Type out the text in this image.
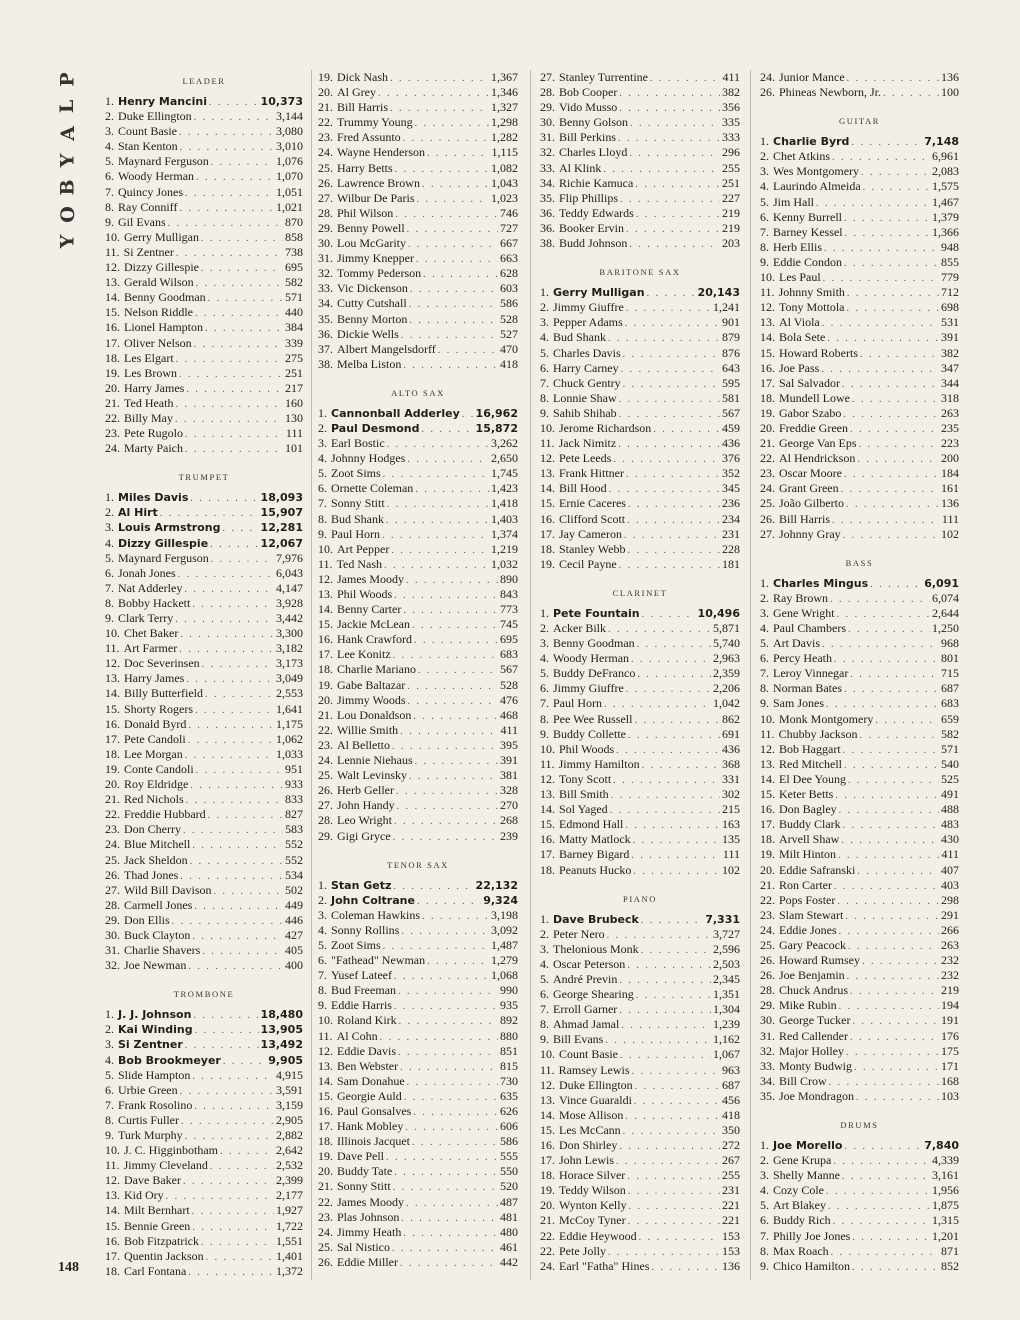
P
L
A
Y
B
O
Y
148
LEADER
1. Henry Mancini . . .	10,373
2. Duke Ellington . . .	3,144
3. Count Basie . . .	3,080
4. Stan Kenton . . .	3,010
5. Maynard Ferguson . . .	1,076
6. Woody Herman . . .	1,070
7. Quincy Jones . . .	1,051
8. Ray Conniff . . .	1,021
9. Gil Evans . . .	870
10. Gerry Mulligan . . .	858
11. Si Zentner . . .	738
12. Dizzy Gillespie . . .	695
13. Gerald Wilson . . .	582
14. Benny Goodman . . .	571
15. Nelson Riddle . . .	440
16. Lionel Hampton . . .	384
17. Oliver Nelson . . .	339
18. Les Elgart . . .	275
19. Les Brown . . .	251
20. Harry James . . .	217
21. Ted Heath . . .	160
22. Billy May . . .	130
23. Pete Rugolo . . .	111
24. Marty Paich . . .	101
TRUMPET
1. Miles Davis . . .	18,093
2. Al Hirt . . .	15,907
3. Louis Armstrong . . .	12,281
4. Dizzy Gillespie . . .	12,067
5. Maynard Ferguson . . .	7,976
6. Jonah Jones . . .	6,043
7. Nat Adderley . . .	4,147
8. Bobby Hackett . . .	3,928
9. Clark Terry . . .	3,442
10. Chet Baker . . .	3,300
11. Art Farmer . . .	3,182
12. Doc Severinsen . . .	3,173
13. Harry James . . .	3,049
14. Billy Butterfield . . .	2,553
15. Shorty Rogers . . .	1,641
16. Donald Byrd . . .	1,175
17. Pete Candoli . . .	1,062
18. Lee Morgan . . .	1,033
19. Conte Candoli . . .	951
20. Roy Eldridge . . .	933
21. Red Nichols . . .	833
22. Freddie Hubbard . . .	827
23. Don Cherry . . .	583
24. Blue Mitchell . . .	552
25. Jack Sheldon . . .	552
26. Thad Jones . . .	534
27. Wild Bill Davison . . .	502
28. Carmell Jones . . .	449
29. Don Ellis . . .	446
30. Buck Clayton . . .	427
31. Charlie Shavers . . .	405
32. Joe Newman . . .	400
TROMBONE
1. J. J. Johnson . . .	18,480
2. Kai Winding . . .	13,905
3. Si Zentner . . .	13,492
4. Bob Brookmeyer . . .	9,905
5. Slide Hampton . . .	4,915
6. Urbie Green . . .	3,591
7. Frank Rosolino . . .	3,159
8. Curtis Fuller . . .	2,905
9. Turk Murphy . . .	2,882
10. J. C. Higginbotham . . .	2,642
11. Jimmy Cleveland . . .	2,532
12. Dave Baker . . .	2,399
13. Kid Ory . . .	2,177
14. Milt Bernhart . . .	1,927
15. Bennie Green . . .	1,722
16. Bob Fitzpatrick . . .	1,551
17. Quentin Jackson . . .	1,401
18. Carl Fontana . . .	1,372
19. Dick Nash . . .	1,367
20. Al Grey . . .	1,346
21. Bill Harris . . .	1,327
22. Trummy Young . . .	1,298
23. Fred Assunto . . .	1,282
24. Wayne Henderson . . .	1,115
25. Harry Betts . . .	1,082
26. Lawrence Brown . . .	1,043
27. Wilbur De Paris . . .	1,023
28. Phil Wilson . . .	746
29. Benny Powell . . .	727
30. Lou McGarity . . .	667
31. Jimmy Knepper . . .	663
32. Tommy Pederson . . .	628
33. Vic Dickenson . . .	603
34. Cutty Cutshall . . .	586
35. Benny Morton . . .	528
36. Dickie Wells . . .	527
37. Albert Mangelsdorff . . .	470
38. Melba Liston . . .	418
ALTO SAX
1. Cannonball Adderley . . . 16,962
2. Paul Desmond . . .	15,872
3. Earl Bostic . . .	3,262
4. Johnny Hodges . . .	2,650
5. Zoot Sims . . .	1,745
6. Ornette Coleman . . .	1,423
7. Sonny Stitt . . .	1,418
8. Bud Shank . . .	1,403
9. Paul Horn . . .	1,374
10. Art Pepper . . .	1,219
11. Ted Nash . . .	1,032
12. James Moody . . .	890
13. Phil Woods . . .	843
14. Benny Carter . . .	773
15. Jackie McLean . . .	745
16. Hank Crawford . . .	695
17. Lee Konitz . . .	683
18. Charlie Mariano . . .	567
19. Gabe Baltazar . . .	528
20. Jimmy Woods . . .	476
21. Lou Donaldson . . .	468
22. Willie Smith . . .	411
23. Al Belletto . . .	395
24. Lennie Niehaus . . .	391
25. Walt Levinsky . . .	381
26. Herb Geller . . .	328
27. John Handy . . .	270
28. Leo Wright . . .	268
29. Gigi Gryce . . .	239
TENOR SAX
1. Stan Getz . . .	22,132
2. John Coltrane . . .	9,324
3. Coleman Hawkins . . .	3,198
4. Sonny Rollins . . .	3,092
5. Zoot Sims . . .	1,487
6. "Fathead" Newman . . .	1,279
7. Yusef Lateef . . .	1,068
8. Bud Freeman . . .	990
9. Eddie Harris . . .	935
10. Roland Kirk . . .	892
11. Al Cohn . . .	880
12. Eddie Davis . . .	851
13. Ben Webster . . .	815
14. Sam Donahue . . .	730
15. Georgie Auld . . .	635
16. Paul Gonsalves . . .	626
17. Hank Mobley . . .	606
18. Illinois Jacquet . . .	586
19. Dave Pell . . .	555
20. Buddy Tate . . .	550
21. Sonny Stitt . . .	520
22. James Moody . . .	487
23. Plas Johnson . . .	481
24. Jimmy Heath . . .	480
25. Sal Nistico . . .	461
26. Eddie Miller . . .	442
27. Stanley Turrentine . . .	411
28. Bob Cooper . . .	382
29. Vido Musso . . .	356
30. Benny Golson . . .	335
31. Bill Perkins . . .	333
32. Charles Lloyd . . .	296
33. Al Klink . . .	255
34. Richie Kamuca . . .	251
35. Flip Phillips . . .	227
36. Teddy Edwards . . .	219
36. Booker Ervin . . .	219
38. Budd Johnson . . .	203
BARITONE SAX
1. Gerry Mulligan . . .	20,143
2. Jimmy Giuffre . . .	1,241
3. Pepper Adams . . .	901
4. Bud Shank . . .	879
5. Charles Davis . . .	876
6. Harry Carney . . .	643
7. Chuck Gentry . . .	595
8. Lonnie Shaw . . .	581
9. Sahib Shihab . . .	567
10. Jerome Richardson . . .	459
11. Jack Nimitz . . .	436
12. Pete Leeds . . .	376
13. Frank Hittner . . .	352
14. Bill Hood . . .	345
15. Ernie Caceres . . .	236
16. Clifford Scott . . .	234
17. Jay Cameron . . .	231
18. Stanley Webb . . .	228
19. Cecil Payne . . .	181
CLARINET
1. Pete Fountain . . .	10,496
2. Acker Bilk . . .	5,871
3. Benny Goodman . . .	5,740
4. Woody Herman . . .	2,963
5. Buddy DeFranco . . .	2,359
6. Jimmy Giuffre . . .	2,206
7. Paul Horn . . .	1,042
8. Pee Wee Russell . . .	862
9. Buddy Collette . . .	691
10. Phil Woods . . .	436
11. Jimmy Hamilton . . .	368
12. Tony Scott . . .	331
13. Bill Smith . . .	302
14. Sol Yaged . . .	215
15. Edmond Hall . . .	163
16. Matty Matlock . . .	135
17. Barney Bigard . . .	111
18. Peanuts Hucko . . .	102
PIANO
1. Dave Brubeck . . .	7,331
2. Peter Nero . . .	3,727
3. Thelonious Monk . . .	2,596
4. Oscar Peterson . . .	2,503
5. André Previn . . .	2,345
6. George Shearing . . .	1,351
7. Erroll Garner . . .	1,304
8. Ahmad Jamal . . .	1,239
9. Bill Evans . . .	1,162
10. Count Basie . . .	1,067
11. Ramsey Lewis . . .	963
12. Duke Ellington . . .	687
13. Vince Guaraldi . . .	456
14. Mose Allison . . .	418
15. Les McCann . . .	350
16. Don Shirley . . .	272
17. John Lewis . . .	267
18. Horace Silver . . .	255
19. Teddy Wilson . . .	231
20. Wynton Kelly . . .	221
21. McCoy Tyner . . .	221
22. Eddie Heywood . . .	153
22. Pete Jolly . . .	153
24. Earl "Fatha" Hines . . .	136
24. Junior Mance . . .	136
26. Phineas Newborn, Jr. . . .	100
GUITAR
1. Charlie Byrd . . .	7,148
2. Chet Atkins . . .	6,961
3. Wes Montgomery . . .	2,083
4. Laurindo Almeida . . .	1,575
5. Jim Hall . . .	1,467
6. Kenny Burrell . . .	1,379
7. Barney Kessel . . .	1,366
8. Herb Ellis . . .	948
9. Eddie Condon . . .	855
10. Les Paul . . .	779
11. Johnny Smith . . .	712
12. Tony Mottola . . .	698
13. Al Viola . . .	531
14. Bola Sete . . .	391
15. Howard Roberts . . .	382
16. Joe Pass . . .	347
17. Sal Salvador . . .	344
18. Mundell Lowe . . .	318
19. Gabor Szabo . . .	263
20. Freddie Green . . .	235
21. George Van Eps . . .	223
22. Al Hendrickson . . .	200
23. Oscar Moore . . .	184
24. Grant Green . . .	161
25. João Gilberto . . .	136
26. Bill Harris . . .	111
27. Johnny Gray . . .	102
BASS
1. Charles Mingus . . .	6,091
2. Ray Brown . . .	6,074
3. Gene Wright . . .	2,644
4. Paul Chambers . . .	1,250
5. Art Davis . . .	968
6. Percy Heath . . .	801
7. Leroy Vinnegar . . .	715
8. Norman Bates . . .	687
9. Sam Jones . . .	683
10. Monk Montgomery . . .	659
11. Chubby Jackson . . .	582
12. Bob Haggart . . .	571
13. Red Mitchell . . .	540
14. El Dee Young . . .	525
15. Keter Betts . . .	491
16. Don Bagley . . .	488
17. Buddy Clark . . .	483
18. Arvell Shaw . . .	430
19. Milt Hinton . . .	411
20. Eddie Safranski . . .	407
21. Ron Carter . . .	403
22. Pops Foster . . .	298
23. Slam Stewart . . .	291
24. Eddie Jones . . .	266
25. Gary Peacock . . .	263
26. Howard Rumsey . . .	232
26. Joe Benjamin . . .	232
28. Chuck Andrus . . .	219
29. Mike Rubin . . .	194
30. George Tucker . . .	191
31. Red Callender . . .	176
32. Major Holley . . .	175
33. Monty Budwig . . .	171
34. Bill Crow . . .	168
35. Joe Mondragon . . .	103
DRUMS
1. Joe Morello . . .	7,840
2. Gene Krupa . . .	4,339
3. Shelly Manne . . .	3,161
4. Cozy Cole . . .	1,956
5. Art Blakey . . .	1,875
6. Buddy Rich . . .	1,315
7. Philly Joe Jones . . .	1,201
8. Max Roach . . .	871
9. Chico Hamilton . . .	852
